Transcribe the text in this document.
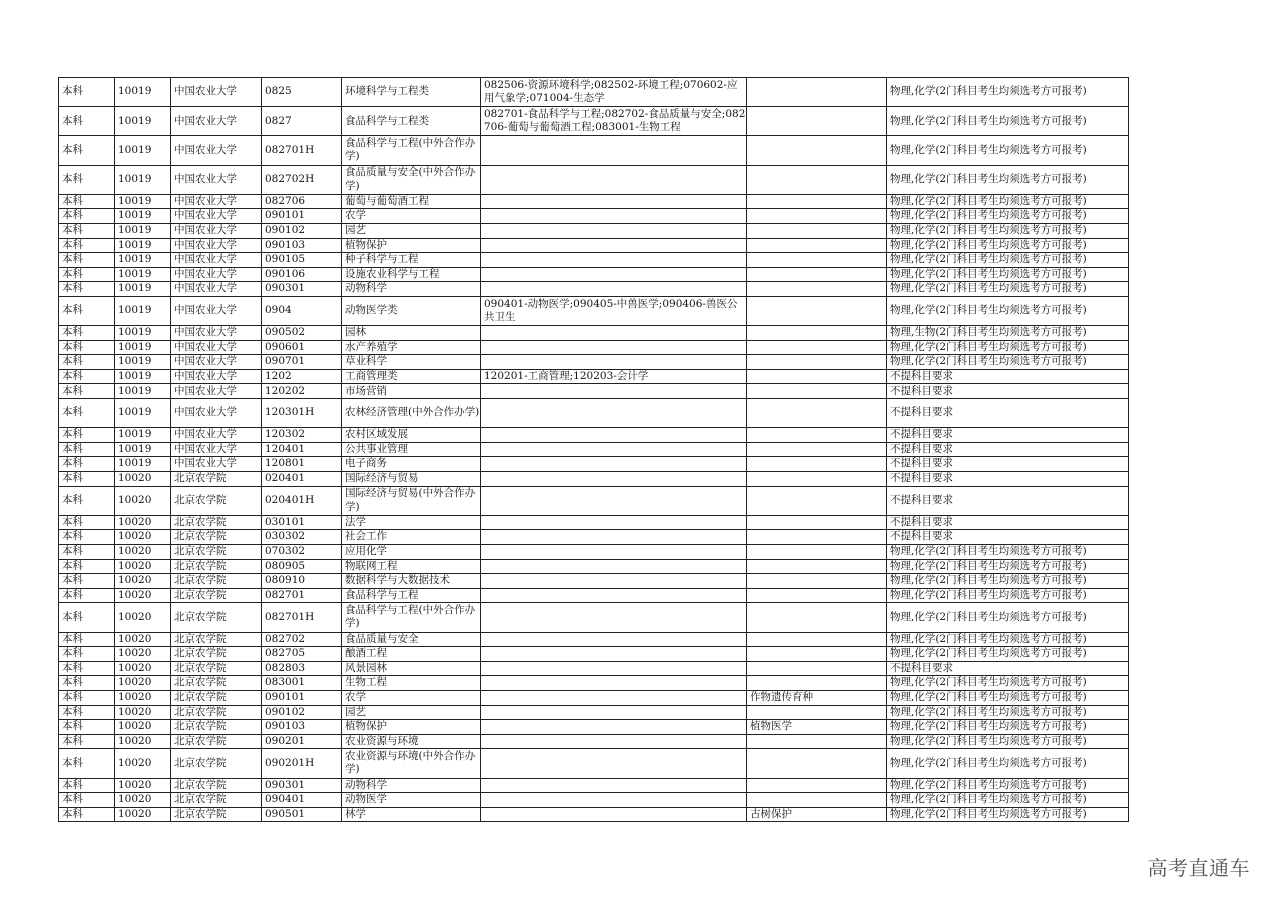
本科	10019	中国农业大学	0825	环境科学与工程类	082506-资源环境科学;082502-环境工程;070602-应用气象学;071004-生态学		物理,化学(2门科目考生均须选考方可报考)
本科	10019	中国农业大学	0827	食品科学与工程类	082701-食品科学与工程;082702-食品质量与安全;082706-葡萄与葡萄酒工程;083001-生物工程		物理,化学(2门科目考生均须选考方可报考)
本科	10019	中国农业大学	082701H	食品科学与工程(中外合作办学)			物理,化学(2门科目考生均须选考方可报考)
本科	10019	中国农业大学	082702H	食品质量与安全(中外合作办学)			物理,化学(2门科目考生均须选考方可报考)
本科	10019	中国农业大学	082706	葡萄与葡萄酒工程			物理,化学(2门科目考生均须选考方可报考)
本科	10019	中国农业大学	090101	农学			物理,化学(2门科目考生均须选考方可报考)
本科	10019	中国农业大学	090102	园艺			物理,化学(2门科目考生均须选考方可报考)
本科	10019	中国农业大学	090103	植物保护			物理,化学(2门科目考生均须选考方可报考)
本科	10019	中国农业大学	090105	种子科学与工程			物理,化学(2门科目考生均须选考方可报考)
本科	10019	中国农业大学	090106	设施农业科学与工程			物理,化学(2门科目考生均须选考方可报考)
本科	10019	中国农业大学	090301	动物科学			物理,化学(2门科目考生均须选考方可报考)
本科	10019	中国农业大学	0904	动物医学类	090401-动物医学;090405-中兽医学;090406-兽医公共卫生		物理,化学(2门科目考生均须选考方可报考)
本科	10019	中国农业大学	090502	园林			物理,生物(2门科目考生均须选考方可报考)
本科	10019	中国农业大学	090601	水产养殖学			物理,化学(2门科目考生均须选考方可报考)
本科	10019	中国农业大学	090701	草业科学			物理,化学(2门科目考生均须选考方可报考)
本科	10019	中国农业大学	1202	工商管理类	120201-工商管理;120203-会计学		不提科目要求
本科	10019	中国农业大学	120202	市场营销			不提科目要求
本科	10019	中国农业大学	120301H	农林经济管理(中外合作办学)			不提科目要求
本科	10019	中国农业大学	120302	农村区域发展			不提科目要求
本科	10019	中国农业大学	120401	公共事业管理			不提科目要求
本科	10019	中国农业大学	120801	电子商务			不提科目要求
本科	10020	北京农学院	020401	国际经济与贸易			不提科目要求
本科	10020	北京农学院	020401H	国际经济与贸易(中外合作办学)			不提科目要求
本科	10020	北京农学院	030101	法学			不提科目要求
本科	10020	北京农学院	030302	社会工作			不提科目要求
本科	10020	北京农学院	070302	应用化学			物理,化学(2门科目考生均须选考方可报考)
本科	10020	北京农学院	080905	物联网工程			物理,化学(2门科目考生均须选考方可报考)
本科	10020	北京农学院	080910	数据科学与大数据技术			物理,化学(2门科目考生均须选考方可报考)
本科	10020	北京农学院	082701	食品科学与工程			物理,化学(2门科目考生均须选考方可报考)
本科	10020	北京农学院	082701H	食品科学与工程(中外合作办学)			物理,化学(2门科目考生均须选考方可报考)
本科	10020	北京农学院	082702	食品质量与安全			物理,化学(2门科目考生均须选考方可报考)
本科	10020	北京农学院	082705	酿酒工程			物理,化学(2门科目考生均须选考方可报考)
本科	10020	北京农学院	082803	风景园林			不提科目要求
本科	10020	北京农学院	083001	生物工程			物理,化学(2门科目考生均须选考方可报考)
本科	10020	北京农学院	090101	农学		作物遗传育种	物理,化学(2门科目考生均须选考方可报考)
本科	10020	北京农学院	090102	园艺			物理,化学(2门科目考生均须选考方可报考)
本科	10020	北京农学院	090103	植物保护		植物医学	物理,化学(2门科目考生均须选考方可报考)
本科	10020	北京农学院	090201	农业资源与环境			物理,化学(2门科目考生均须选考方可报考)
本科	10020	北京农学院	090201H	农业资源与环境(中外合作办学)			物理,化学(2门科目考生均须选考方可报考)
本科	10020	北京农学院	090301	动物科学			物理,化学(2门科目考生均须选考方可报考)
本科	10020	北京农学院	090401	动物医学			物理,化学(2门科目考生均须选考方可报考)
本科	10020	北京农学院	090501	林学		古树保护	物理,化学(2门科目考生均须选考方可报考)
高考直通车
